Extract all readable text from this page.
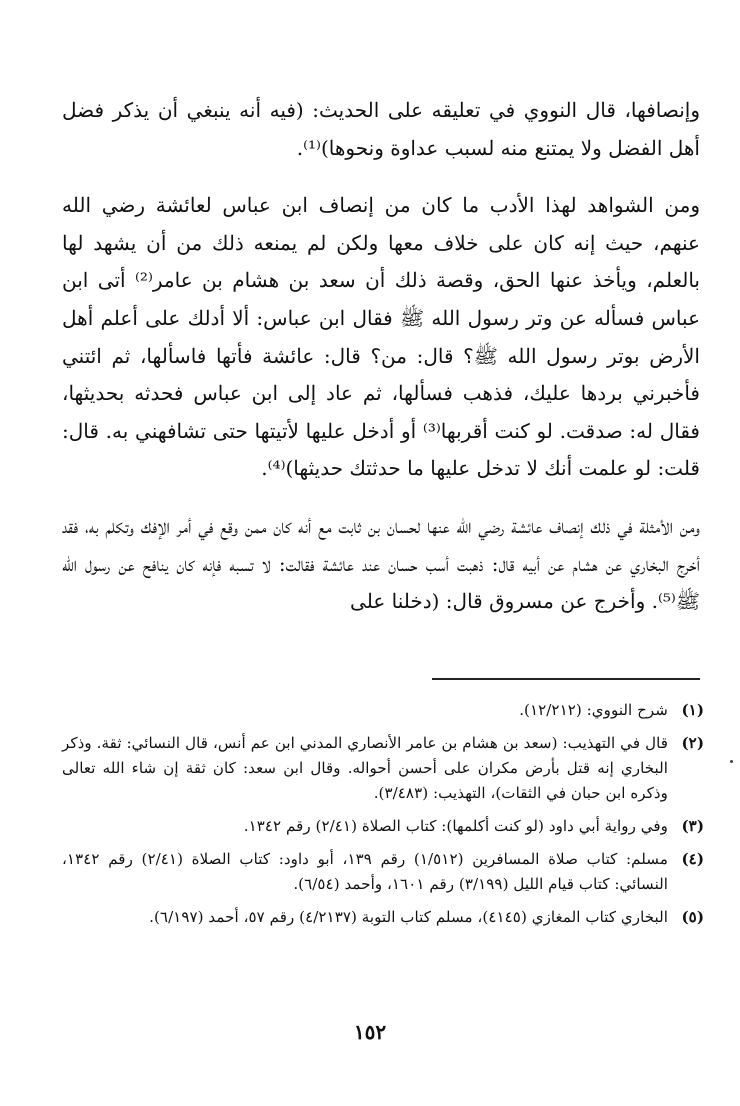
وإنصافها، قال النووي في تعليقه على الحديث: (فيه أنه ينبغي أن يذكر فضل أهل الفضل ولا يمتنع منه لسبب عداوة ونحوها)⁽¹⁾.

ومن الشواهد لهذا الأدب ما كان من إنصاف ابن عباس لعائشة رضي الله عنهم، حيث إنه كان على خلاف معها ولكن لم يمنعه ذلك من أن يشهد لها بالعلم، ويأخذ عنها الحق، وقصة ذلك أن سعد بن هشام بن عامر⁽²⁾ أتى ابن عباس فسأله عن وتر رسول الله ﷺ فقال ابن عباس: ألا أدلك على أعلم أهل الأرض بوتر رسول الله ﷺ؟ قال: من؟ قال: عائشة فأتها فاسألها، ثم ائتني فأخبرني بردها عليك، فذهب فسألها، ثم عاد إلى ابن عباس فحدثه بحديثها، فقال له: صدقت. لو كنت أقربها⁽³⁾ أو أدخل عليها لأتيتها حتى تشافهني به. قال: قلت: لو علمت أنك لا تدخل عليها ما حدثتك حديثها)⁽⁴⁾.

ومن الأمثلة في ذلك إنصاف عائشة رضي الله عنها لحسان بن ثابت مع أنه كان ممن وقع في أمر الإفك وتكلم به، فقد أخرج البخاري عن هشام عن أبيه قال: ذهبت أسب حسان عند عائشة فقالت: لا تسبه فإنه كان ينافح عن رسول الله ﷺ⁽⁵⁾. وأخرج عن مسروق قال: (دخلنا على

(١)
شرح النووي: (١٢/٢١٢).
(٢)
قال في التهذيب: (سعد بن هشام بن عامر الأنصاري المدني ابن عم أنس، قال النسائي: ثقة. وذكر البخاري إنه قتل بأرض مكران على أحسن أحواله. وقال ابن سعد: كان ثقة إن شاء الله تعالى وذكره ابن حبان في الثقات)، التهذيب: (٣/٤٨٣).
(٣)
وفي رواية أبي داود (لو كنت أكلمها): كتاب الصلاة (٢/٤١) رقم ١٣٤٢.
(٤)
مسلم: كتاب صلاة المسافرين (١/٥١٢) رقم ١٣٩، أبو داود: كتاب الصلاة (٢/٤١) رقم ١٣٤٢، النسائي: كتاب قيام الليل (٣/١٩٩) رقم ١٦٠١، وأحمد (٦/٥٤).
(٥)
البخاري كتاب المغازي (٤١٤٥)، مسلم كتاب التوبة (٤/٢١٣٧) رقم ٥٧، أحمد (٦/١٩٧).
١٥٢
